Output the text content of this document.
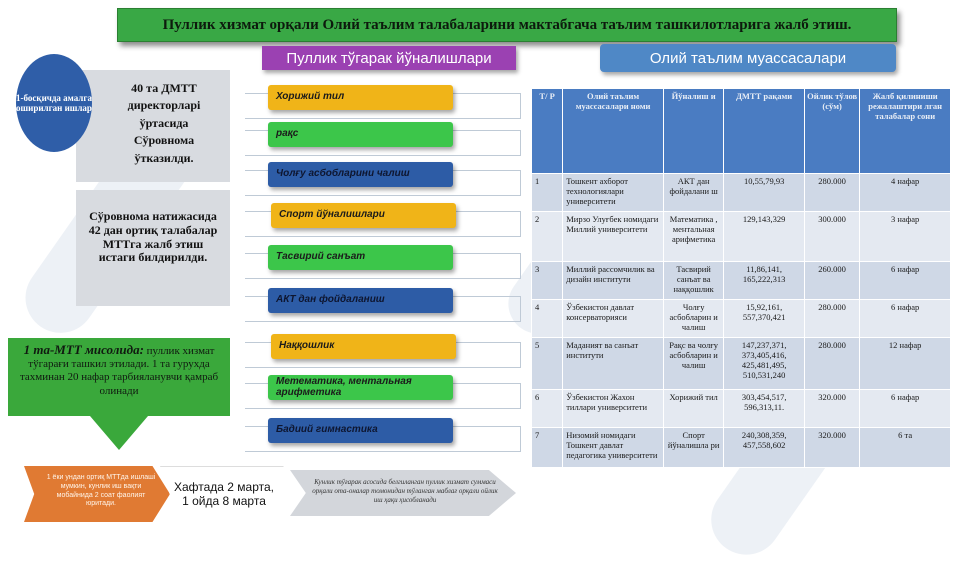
Пуллик хизмат орқали Олий таълим талабаларини мактабгача таълим ташкилотларига жалб этиш.
Пуллик тўгарак йўналишлари	Олий таълим муассасалари
1-босқичда амалга оширилган ишлар
40 та ДМТТ директорларi
ўртасида
Сўровнома
ўтказилди.
Сўровнома натижасида 42 дан ортиқ талабалар МТТга жалб этиш истаги билдирилди.
1 та-МТТ мисолида: пуллик хизмат тўгарағи ташкил этилади. 1 та гурухда тахминан 20 нафар тарбияланувчи қамраб олинади
Хорижий тил
рақс
Чолғу асбобларини чалиш
Спорт йўналишлари
Тасвирий санъат
АКТ дан фойдаланиш
Наққошлик
Метематика, ментальная арифметика
Бадиий гимнастика
1 ёки ундан ортиқ МТТда ишлашi мумкин, кунлик иш вақти мобайнида 2 соат фаолият юритади.
Хафтада 2 марта, 1 ойда 8 марта
Кунлик тўғарак асосида белгиланган пуллик хизмат суммаси орқали ота-оналар томонидан тўланган маблағ орқали ойлик иш ҳақи ҳисобланади
Т/ Р	Олий таълим муассасалари номи	Йўналиш и	ДМТТ рақами	Ойлик тўлов (сўм)	Жалб қилиниши режалаштири лган талабалар сони
1	Тошкент ахборот технологиялари университети	АКТ дан фойдалани ш	10,55,79,93	280.000	4 нафар
2	Мирзо Улуғбек номидаги Миллий университети	Математика , ментальная арифметика	129,143,329	300.000	3 нафар
3	Миллий рассомчилик ва дизайн институти	Тасвирий санъат ва наққошлик	11,86,141, 165,222,313	260.000	6 нафар
4	Ўзбекистон давлат консерваторияси	Чолғу асбобларин и чалиш	15,92,161, 557,370,421	280.000	6 нафар
5	Маданият ва санъат институти	Рақс ва чолғу асбобларин и чалиш	147,237,371, 373,405,416, 425,481,495, 510,531,240	280.000	12 нафар
6	Ўзбекистон Жахон тиллари университети	Хорижий тил	303,454,517, 596,313,11.	320.000	6 нафар
7	Низомий номидаги Тошкент давлат педагогика университети	Спорт йўналишла ри	240,308,359, 457,558,602	320.000	6 та
